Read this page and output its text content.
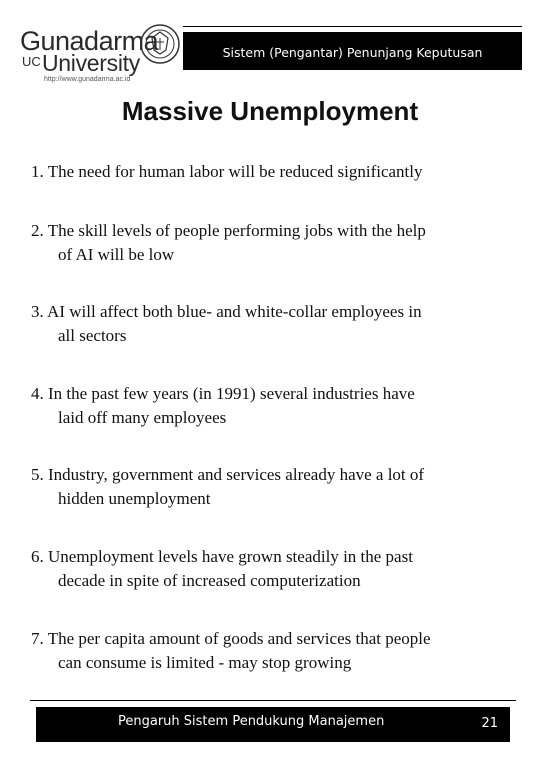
Gunadarma
UC University
http://www.gunadarma.ac.id
Sistem (Pengantar) Penunjang Keputusan
Massive Unemployment
1. The need for human labor will be reduced significantly
2. The skill levels of people performing jobs with the help
of AI will be low
3. AI will affect both blue- and white-collar employees in
all sectors
4. In the past few years (in 1991) several industries have
laid off many employees
5. Industry, government and services already have a lot of
hidden unemployment
6. Unemployment levels have grown steadily in the past
decade in spite of increased computerization
7. The per capita amount of goods and services that people
can consume is limited - may stop growing
Pengaruh Sistem Pendukung Manajemen	21
